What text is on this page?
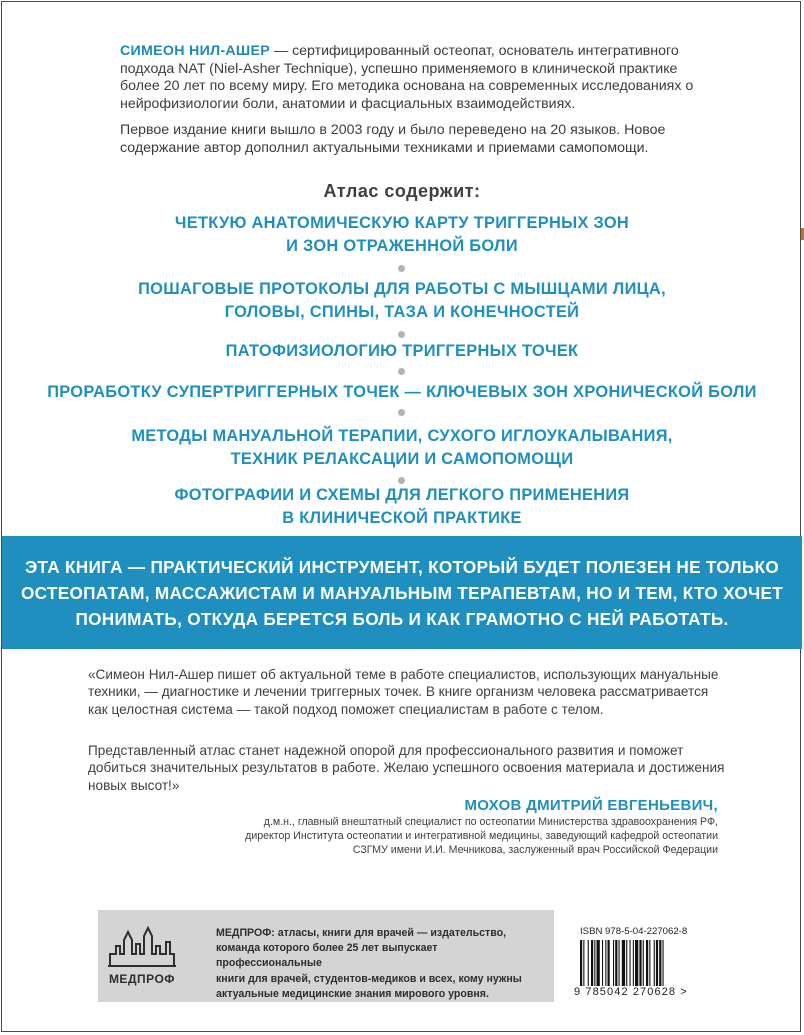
СИМЕОН НИЛ-АШЕР — сертифицированный остеопат, основатель интегративного подхода NAT (Niel-Asher Technique), успешно применяемого в клинической практике более 20 лет по всему миру. Его методика основана на современных исследованиях о нейрофизиологии боли, анатомии и фасциальных взаимодействиях.
Первое издание книги вышло в 2003 году и было переведено на 20 языков. Новое содержание автор дополнил актуальными техниками и приемами самопомощи.
Атлас содержит:
ЧЕТКУЮ АНАТОМИЧЕСКУЮ КАРТУ ТРИГГЕРНЫХ ЗОН
И ЗОН ОТРАЖЕННОЙ БОЛИ
ПОШАГОВЫЕ ПРОТОКОЛЫ ДЛЯ РАБОТЫ С МЫШЦАМИ ЛИЦА,
ГОЛОВЫ, СПИНЫ, ТАЗА И КОНЕЧНОСТЕЙ
ПАТОФИЗИОЛОГИЮ ТРИГГЕРНЫХ ТОЧЕК
ПРОРАБОТКУ СУПЕРТРИГГЕРНЫХ ТОЧЕК — КЛЮЧЕВЫХ ЗОН ХРОНИЧЕСКОЙ БОЛИ
МЕТОДЫ МАНУАЛЬНОЙ ТЕРАПИИ, СУХОГО ИГЛОУКАЛЫВАНИЯ,
ТЕХНИК РЕЛАКСАЦИИ И САМОПОМОЩИ
ФОТОГРАФИИ И СХЕМЫ ДЛЯ ЛЕГКОГО ПРИМЕНЕНИЯ
В КЛИНИЧЕСКОЙ ПРАКТИКЕ
ЭТА КНИГА — ПРАКТИЧЕСКИЙ ИНСТРУМЕНТ, КОТОРЫЙ БУДЕТ ПОЛЕЗЕН НЕ ТОЛЬКО
ОСТЕОПАТАМ, МАССАЖИСТАМ И МАНУАЛЬНЫМ ТЕРАПЕВТАМ, НО И ТЕМ, КТО ХОЧЕТ
ПОНИМАТЬ, ОТКУДА БЕРЕТСЯ БОЛЬ И КАК ГРАМОТНО С НЕЙ РАБОТАТЬ.
«Симеон Нил-Ашер пишет об актуальной теме в работе специалистов, использующих мануальные техники, — диагностике и лечении триггерных точек. В книге организм человека рассматривается как целостная система — такой подход поможет специалистам в работе с телом.
Представленный атлас станет надежной опорой для профессионального развития и поможет добиться значительных результатов в работе. Желаю успешного освоения материала и достижения новых высот!»
МОХОВ ДМИТРИЙ ЕВГЕНЬЕВИЧ,
д.м.н., главный внештатный специалист по остеопатии Министерства здравоохранения РФ,
директор Института остеопатии и интегративной медицины, заведующий кафедрой остеопатии
СЗГМУ имени И.И. Мечникова, заслуженный врач Российской Федерации
МЕДПРОФ
МЕДПРОФ: атласы, книги для врачей — издательство,
команда которого более 25 лет выпускает профессиональные
книги для врачей, студентов-медиков и всех, кому нужны
актуальные медицинские знания мирового уровня.
ISBN 978-5-04-227062-8
9 785042 270628 >
